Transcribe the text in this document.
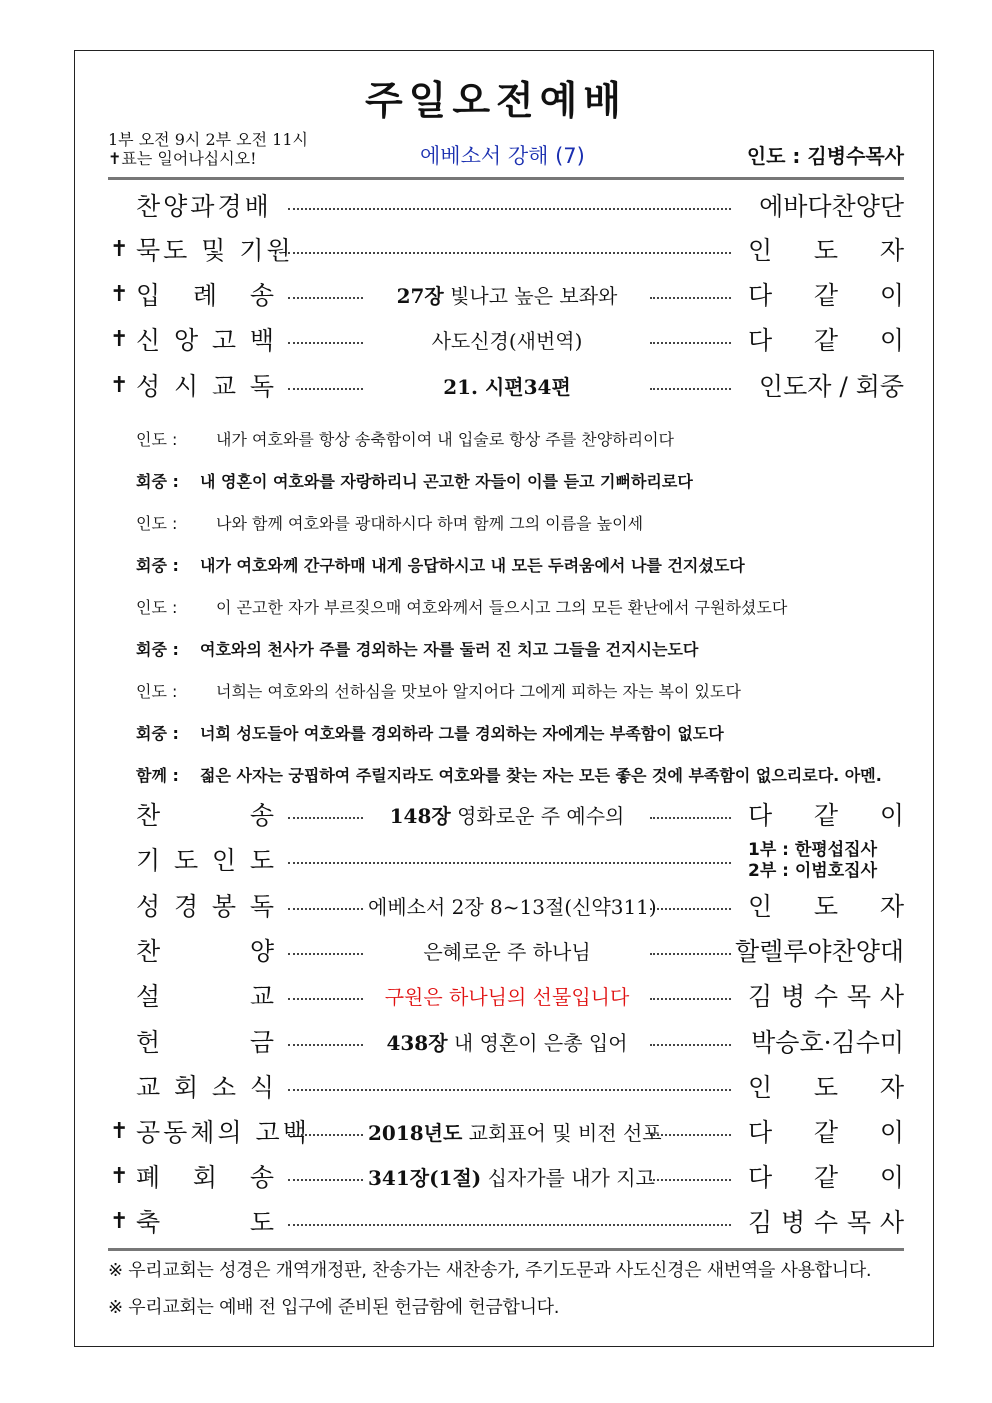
주일오전예배
1부 오전 9시 2부 오전 11시
✝표는 일어나십시오!	에베소서 강해 (7)	인도 : 김병수목사
찬양과경배	에바다찬양단
✝ 묵도 및 기원	인 도 자
✝ 입 례 송	27장 빛나고 높은 보좌와	다 같 이
✝ 신 앙 고 백	사도신경(새번역)	다 같 이
✝ 성 시 교 독	21. 시편34편	인도자 / 회중
인도 : 내가 여호와를 항상 송축함이여 내 입술로 항상 주를 찬양하리이다
회중 : 내 영혼이 여호와를 자랑하리니 곤고한 자들이 이를 듣고 기뻐하리로다
인도 : 나와 함께 여호와를 광대하시다 하며 함께 그의 이름을 높이세
회중 : 내가 여호와께 간구하매 내게 응답하시고 내 모든 두려움에서 나를 건지셨도다
인도 : 이 곤고한 자가 부르짖으매 여호와께서 들으시고 그의 모든 환난에서 구원하셨도다
회중 : 여호와의 천사가 주를 경외하는 자를 둘러 진 치고 그들을 건지시는도다
인도 : 너희는 여호와의 선하심을 맛보아 알지어다 그에게 피하는 자는 복이 있도다
회중 : 너희 성도들아 여호와를 경외하라 그를 경외하는 자에게는 부족함이 없도다
함께 : 젊은 사자는 궁핍하여 주릴지라도 여호와를 찾는 자는 모든 좋은 것에 부족함이 없으리로다. 아멘.
찬	송	148장 영화로운 주 예수의	다 같 이
기 도 인 도	1부 : 한평섭집사
2부 : 이범호집사
성 경 봉 독	에베소서 2장 8~13절(신약311)	인 도 자
찬	양	은혜로운 주 하나님	할렐루야찬양대
설	교	구원은 하나님의 선물입니다	김 병 수 목 사
헌	금	438장 내 영혼이 은총 입어	박승호·김수미
교 회 소 식	인 도 자
✝ 공동체의 고백	2018년도 교회표어 및 비전 선포	다 같 이
✝ 폐 회 송	341장(1절) 십자가를 내가 지고	다 같 이
✝ 축	도	김 병 수 목 사
※ 우리교회는 성경은 개역개정판, 찬송가는 새찬송가, 주기도문과 사도신경은 새번역을 사용합니다.
※ 우리교회는 예배 전 입구에 준비된 헌금함에 헌금합니다.
